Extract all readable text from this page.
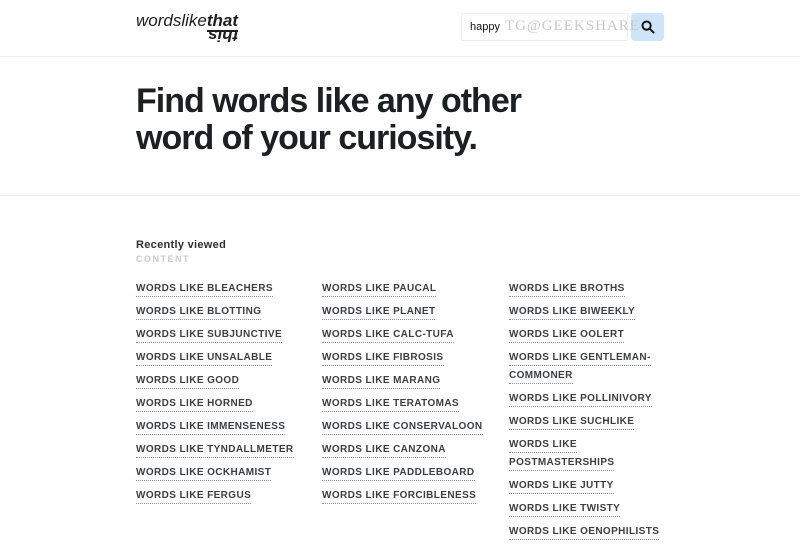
wordslikethat
this
happy	TG@GEEKSHARE
Find words like any other
word of your curiosity.
Recently viewed
CONTENT
WORDS LIKE BLEACHERS
WORDS LIKE BLOTTING
WORDS LIKE SUBJUNCTIVE
WORDS LIKE UNSALABLE
WORDS LIKE GOOD
WORDS LIKE HORNED
WORDS LIKE IMMENSENESS
WORDS LIKE TYNDALLMETER
WORDS LIKE OCKHAMIST
WORDS LIKE FERGUS
WORDS LIKE PAUCAL
WORDS LIKE PLANET
WORDS LIKE CALC-TUFA
WORDS LIKE FIBROSIS
WORDS LIKE MARANG
WORDS LIKE TERATOMAS
WORDS LIKE CONSERVALOON
WORDS LIKE CANZONA
WORDS LIKE PADDLEBOARD
WORDS LIKE FORCIBLENESS
WORDS LIKE BROTHS
WORDS LIKE BIWEEKLY
WORDS LIKE OOLERT
WORDS LIKE GENTLEMAN-COMMONER
WORDS LIKE POLLINIVORY
WORDS LIKE SUCHLIKE
WORDS LIKE POSTMASTERSHIPS
WORDS LIKE JUTTY
WORDS LIKE TWISTY
WORDS LIKE OENOPHILISTS
